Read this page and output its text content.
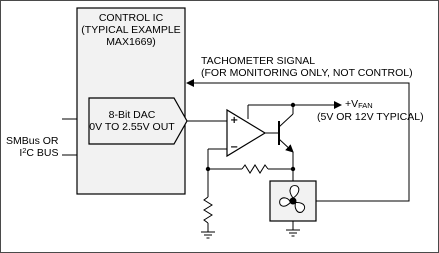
CONTROL IC
(TYPICAL EXAMPLE
MAX1669)
8-Bit DAC
0V TO 2.55V OUT
TACHOMETER SIGNAL
(FOR MONITORING ONLY, NOT CONTROL)
+VFAN
(5V OR 12V TYPICAL)
SMBus OR
$I^2C$ BUS
+
−
